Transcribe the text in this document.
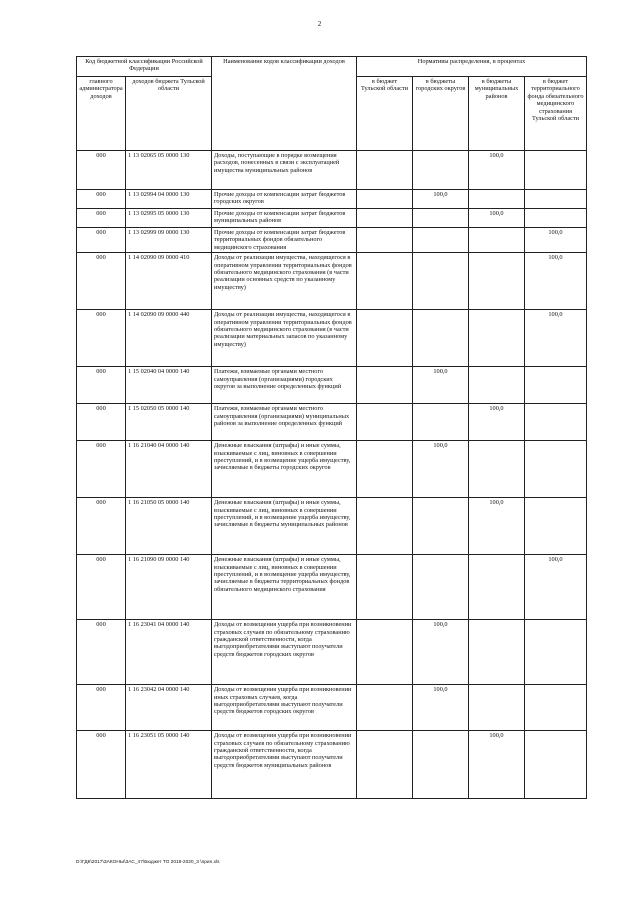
2
Код бюджетной классификации Российской Федерации		Наименование кодов классификации доходов	Нормативы распределения, в процентах			
главного администратора доходов	доходов бюджета Тульской области		в бюджет Тульской области	в бюджеты городских округов	в бюджеты муниципальных районов	в бюджет территориального фонда обязательного медицинского страхования Тульской области
000	1 13 02065 05 0000 130	Доходы, поступающие в порядке возмещения расходов, понесенных в связи с эксплуатацией имущества муниципальных районов			100,0	
000	1 13 02994 04 0000 130	Прочие доходы от компенсации затрат бюджетов городских округов		100,0		
000	1 13 02995 05 0000 130	Прочие доходы от компенсации затрат бюджетов муниципальных районов			100,0	
000	1 13 02999 09 0000 130	Прочие доходы от компенсации затрат бюджетов территориальных фондов обязательного медицинского страхования				100,0
000	1 14 02090 09 0000 410	Доходы от реализации имущества, находящегося в оперативном управлении территориальных фондов обязательного медицинского страхования (в части реализации основных средств по указанному имуществу)				100,0
000	1 14 02090 09 0000 440	Доходы от реализации имущества, находящегося в оперативном управлении территориальных фондов обязательного медицинского страхования (в части реализации материальных запасов по указанному имуществу)				100,0
000	1 15 02040 04 0000 140	Платежи, взимаемые органами местного самоуправления (организациями) городских округов за выполнение определенных функций		100,0		
000	1 15 02050 05 0000 140	Платежи, взимаемые органами местного самоуправления (организациями) муниципальных районов за выполнение определенных функций			100,0	
000	1 16 21040 04 0000 140	Денежные взыскания (штрафы) и иные суммы, взыскиваемые с лиц, виновных в совершении преступлений, и в возмещение ущерба имуществу, зачисляемые в бюджеты городских округов		100,0		
000	1 16 21050 05 0000 140	Денежные взыскания (штрафы) и иные суммы, взыскиваемые с лиц, виновных в совершении преступлений, и в возмещение ущерба имуществу, зачисляемые в бюджеты муниципальных районов			100,0	
000	1 16 21090 09 0000 140	Денежные взыскания (штрафы) и иные суммы, взыскиваемые с лиц, виновных в совершении преступлений, и в возмещение ущерба имуществу, зачисляемые в бюджеты территориальных фондов обязательного медицинского страхования				100,0
000	1 16 23041 04 0000 140	Доходы от возмещения ущерба при возникновении страховых случаев по обязательному страхованию гражданской ответственности, когда выгодоприобретателями выступают получатели средств бюджетов городских округов		100,0		
000	1 16 23042 04 0000 140	Доходы от возмещения ущерба при возникновении иных страховых случаев, когда выгодоприобретателями выступают получатели средств бюджетов городских округов		100,0		
000	1 16 23051 05 0000 140	Доходы от возмещения ущерба при возникновении страховых случаев по обязательному страхованию гражданской ответственности, когда выгодоприобретателями выступают получатели средств бюджетов муниципальных районов			100,0	
D:\ГДК\2017\ЗАКОНЫ\ЗАС_47\Бюджет ТО 2018-2020_3 \прил.xls
